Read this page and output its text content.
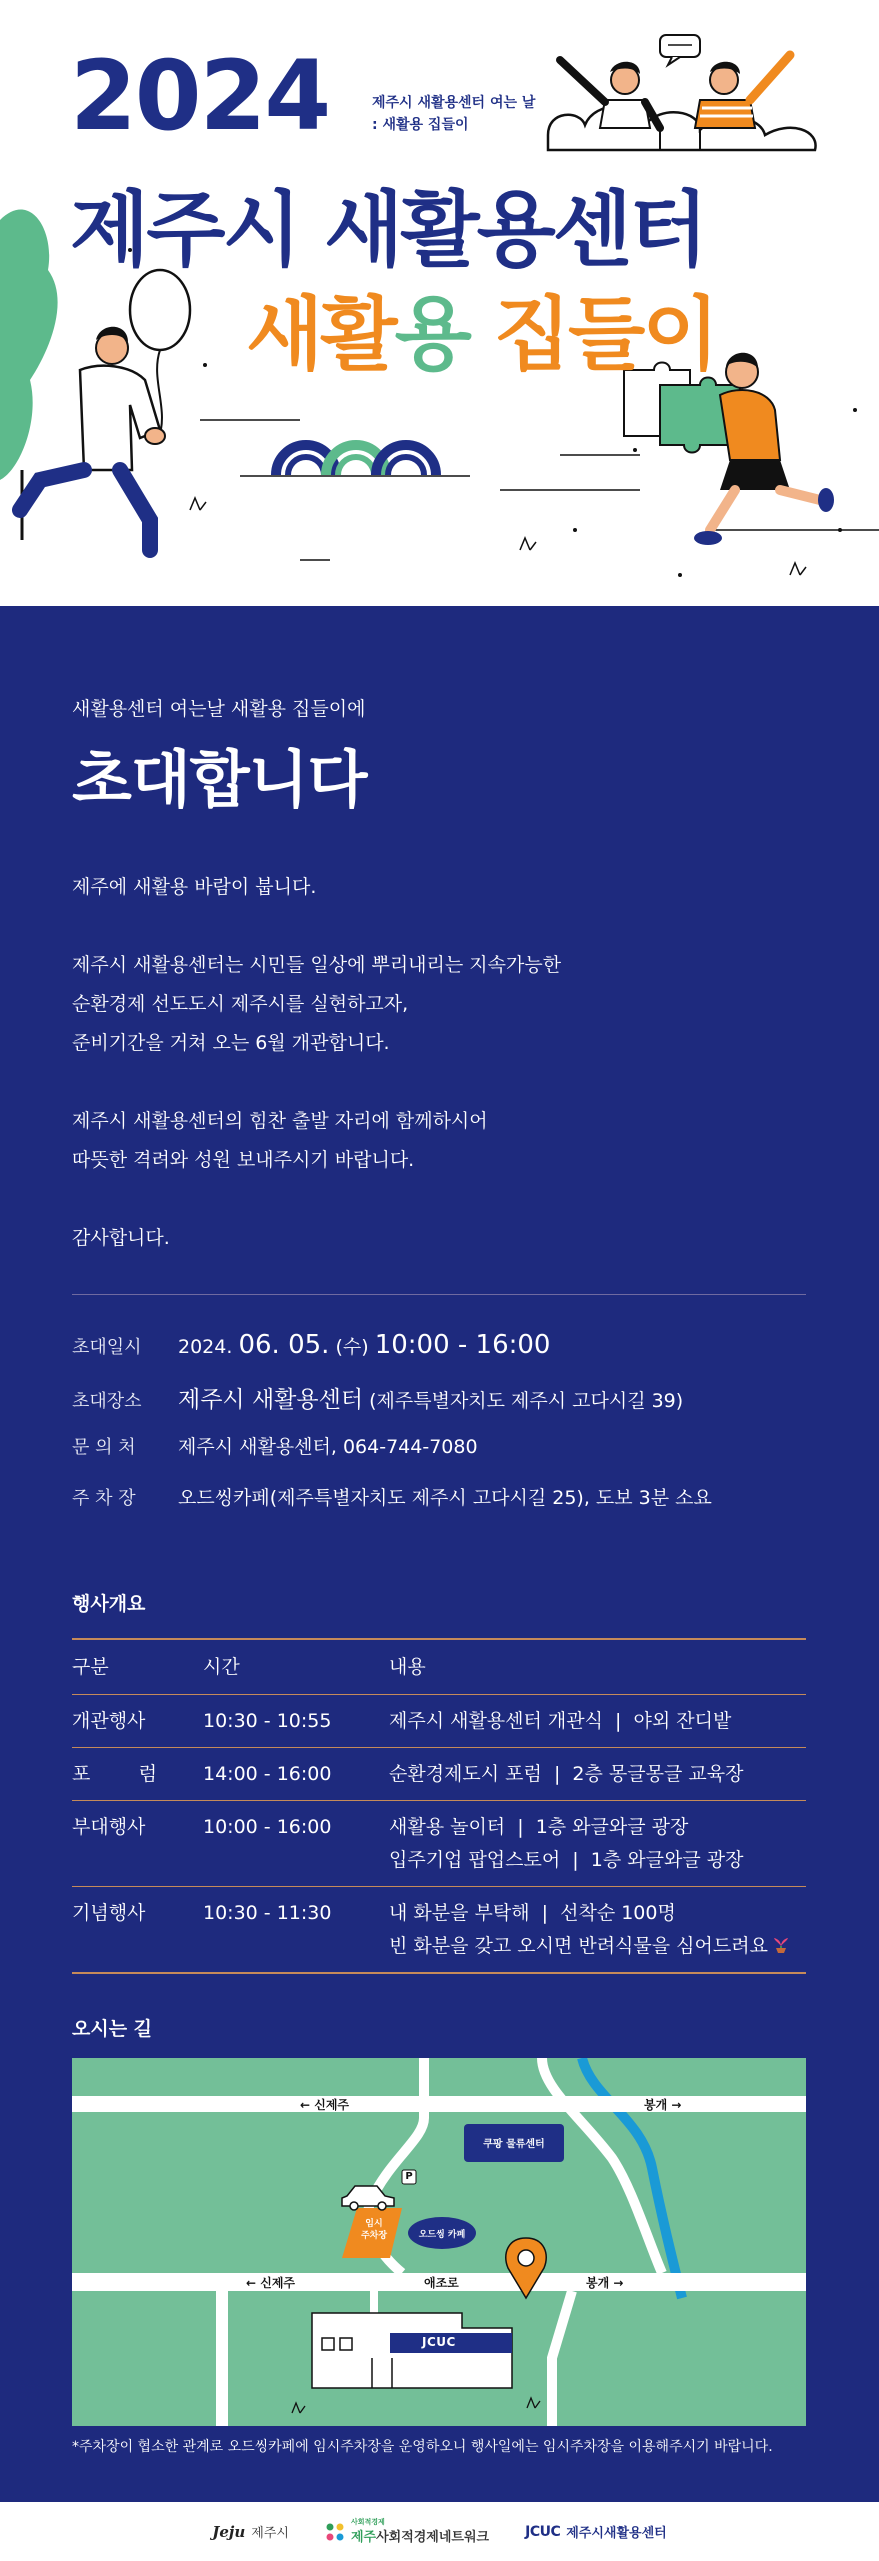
2024	제주시 새활용센터 여는 날
: 새활용 집들이
제주시 새활용센터
새활용 집들이
새활용센터 여는날 새활용 집들이에
초대합니다

제주에 새활용 바람이 붑니다.

제주시 새활용센터는 시민들 일상에 뿌리내리는 지속가능한
순환경제 선도도시 제주시를 실현하고자,
준비기간을 거쳐 오는 6월 개관합니다.

제주시 새활용센터의 힘찬 출발 자리에 함께하시어
따뜻한 격려와 성원 보내주시기 바랍니다.

감사합니다.

초대일시	2024. 06. 05. (수) 10:00 - 16:00
초대장소	제주시 새활용센터 (제주특별자치도 제주시 고다시길 39)
문 의 처	제주시 새활용센터, 064-744-7080
주 차 장	오드씽카페(제주특별자치도 제주시 고다시길 25), 도보 3분 소요
행사개요
구분	시간	내용
개관행사	10:30 - 10:55	제주시 새활용센터 개관식  |  야외 잔디밭
포        럼	14:00 - 16:00	순환경제도시 포럼  |  2층 몽글몽글 교육장
부대행사	10:00 - 16:00	새활용 놀이터  |  1층 와글와글 광장
입주기업 팝업스토어  |  1층 와글와글 광장
기념행사	10:30 - 11:30	내 화분을 부탁해  |  선착순 100명
빈 화분을 갖고 오시면 반려식물을 심어드려요
오시는 길
← 신제주	봉개 →
← 신제주	애조로	봉개 →
쿠팡 물류센터
P
임시
주차장	오드씽 카페
JCUC
*주차장이 협소한 관계로 오드씽카페에 임시주차장을 운영하오니 행사일에는 임시주차장을 이용해주시기 바랍니다.
Jeju 제주시
사회적경제
제주사회적경제네트워크	JCUC 제주시새활용센터
